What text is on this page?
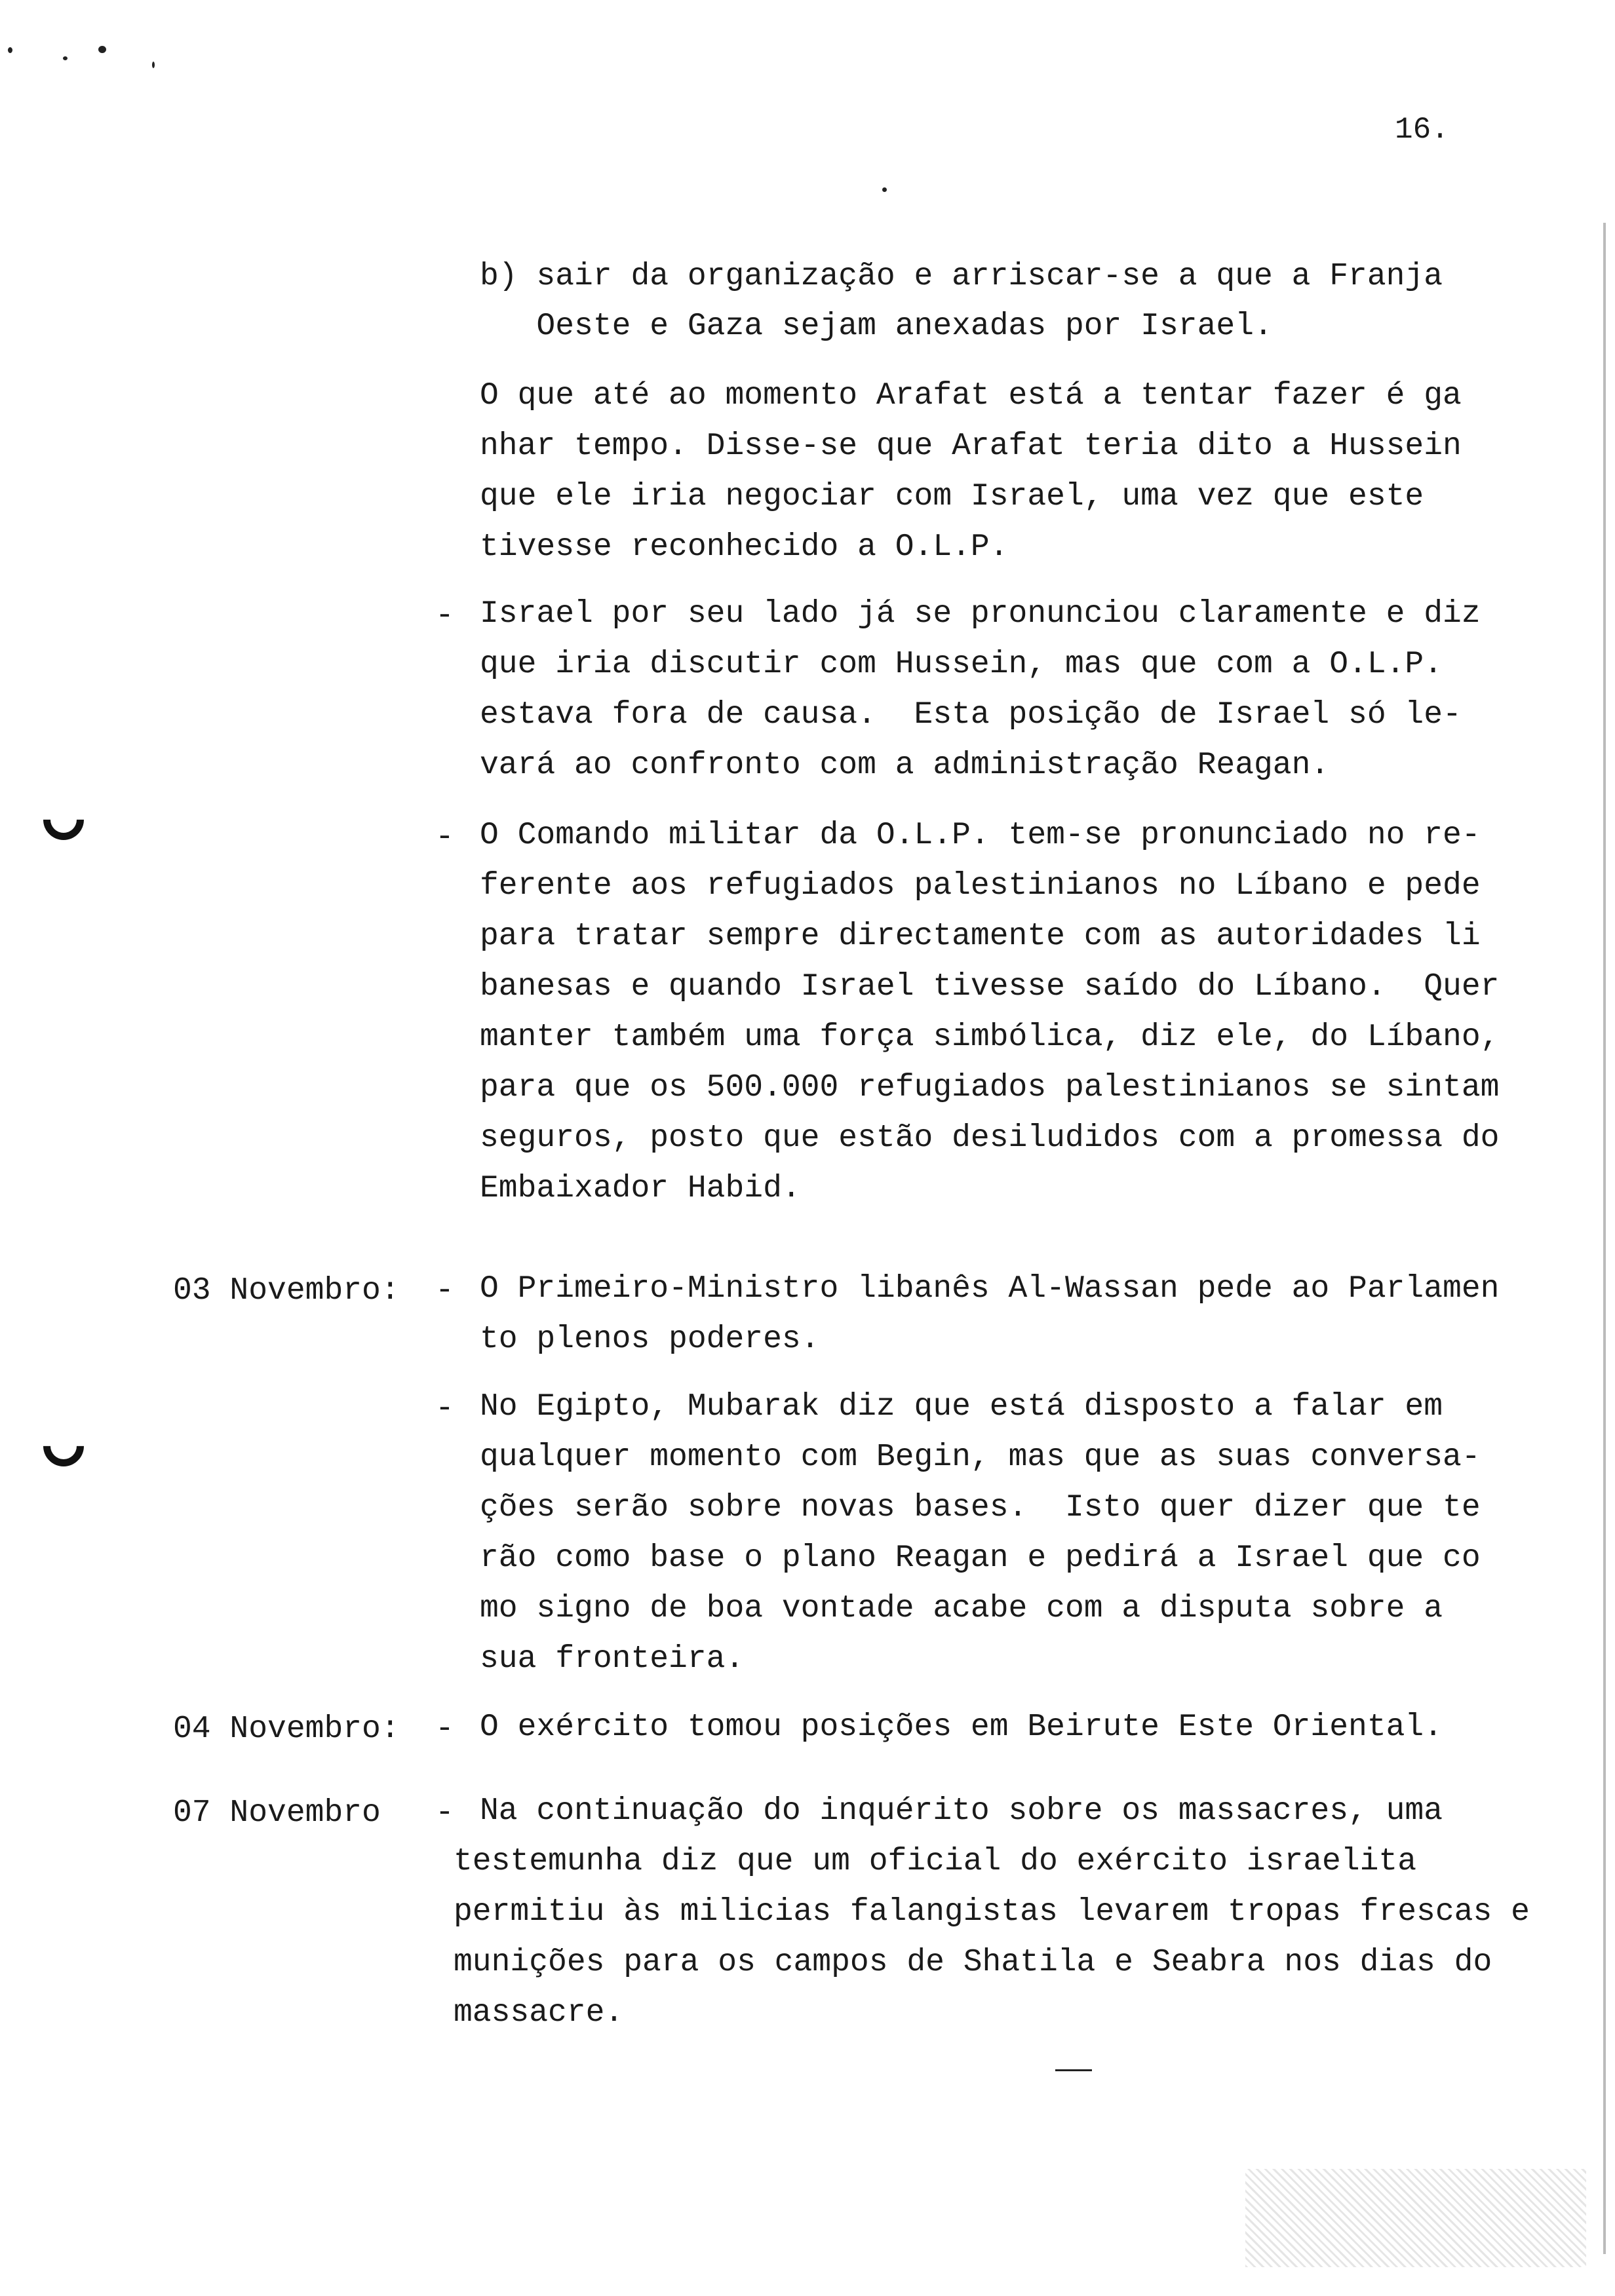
16.
b) sair da organização e arriscar-se a que a Franja
Oeste e Gaza sejam anexadas por Israel.
O que até ao momento Arafat está a tentar fazer é ga
nhar tempo. Disse-se que Arafat teria dito a Hussein
que ele iria negociar com Israel, uma vez que este
tivesse reconhecido a O.L.P.
- Israel por seu lado já se pronunciou claramente e diz
que iria discutir com Hussein, mas que com a O.L.P.
estava fora de causa.  Esta posição de Israel só le-
vará ao confronto com a administração Reagan.
- O Comando militar da O.L.P. tem-se pronunciado no re-
ferente aos refugiados palestinianos no Líbano e pede
para tratar sempre directamente com as autoridades li
banesas e quando Israel tivesse saído do Líbano.  Quer
manter também uma força simbólica, diz ele, do Líbano,
para que os 500.000 refugiados palestinianos se sintam
seguros, posto que estão desiludidos com a promessa do
Embaixador Habid.
03 Novembro: - O Primeiro-Ministro libanês Al-Wassan pede ao Parlamen
to plenos poderes.
- No Egipto, Mubarak diz que está disposto a falar em
qualquer momento com Begin, mas que as suas conversa-
ções serão sobre novas bases.  Isto quer dizer que te
rão como base o plano Reagan e pedirá a Israel que co
mo signo de boa vontade acabe com a disputa sobre a
sua fronteira.
04 Novembro: - O exército tomou posições em Beirute Este Oriental.
07 Novembro - Na continuação do inquérito sobre os massacres, uma
testemunha diz que um oficial do exército israelita
permitiu às milicias falangistas levarem tropas frescas e
munições para os campos de Shatila e Seabra nos dias do
massacre.
